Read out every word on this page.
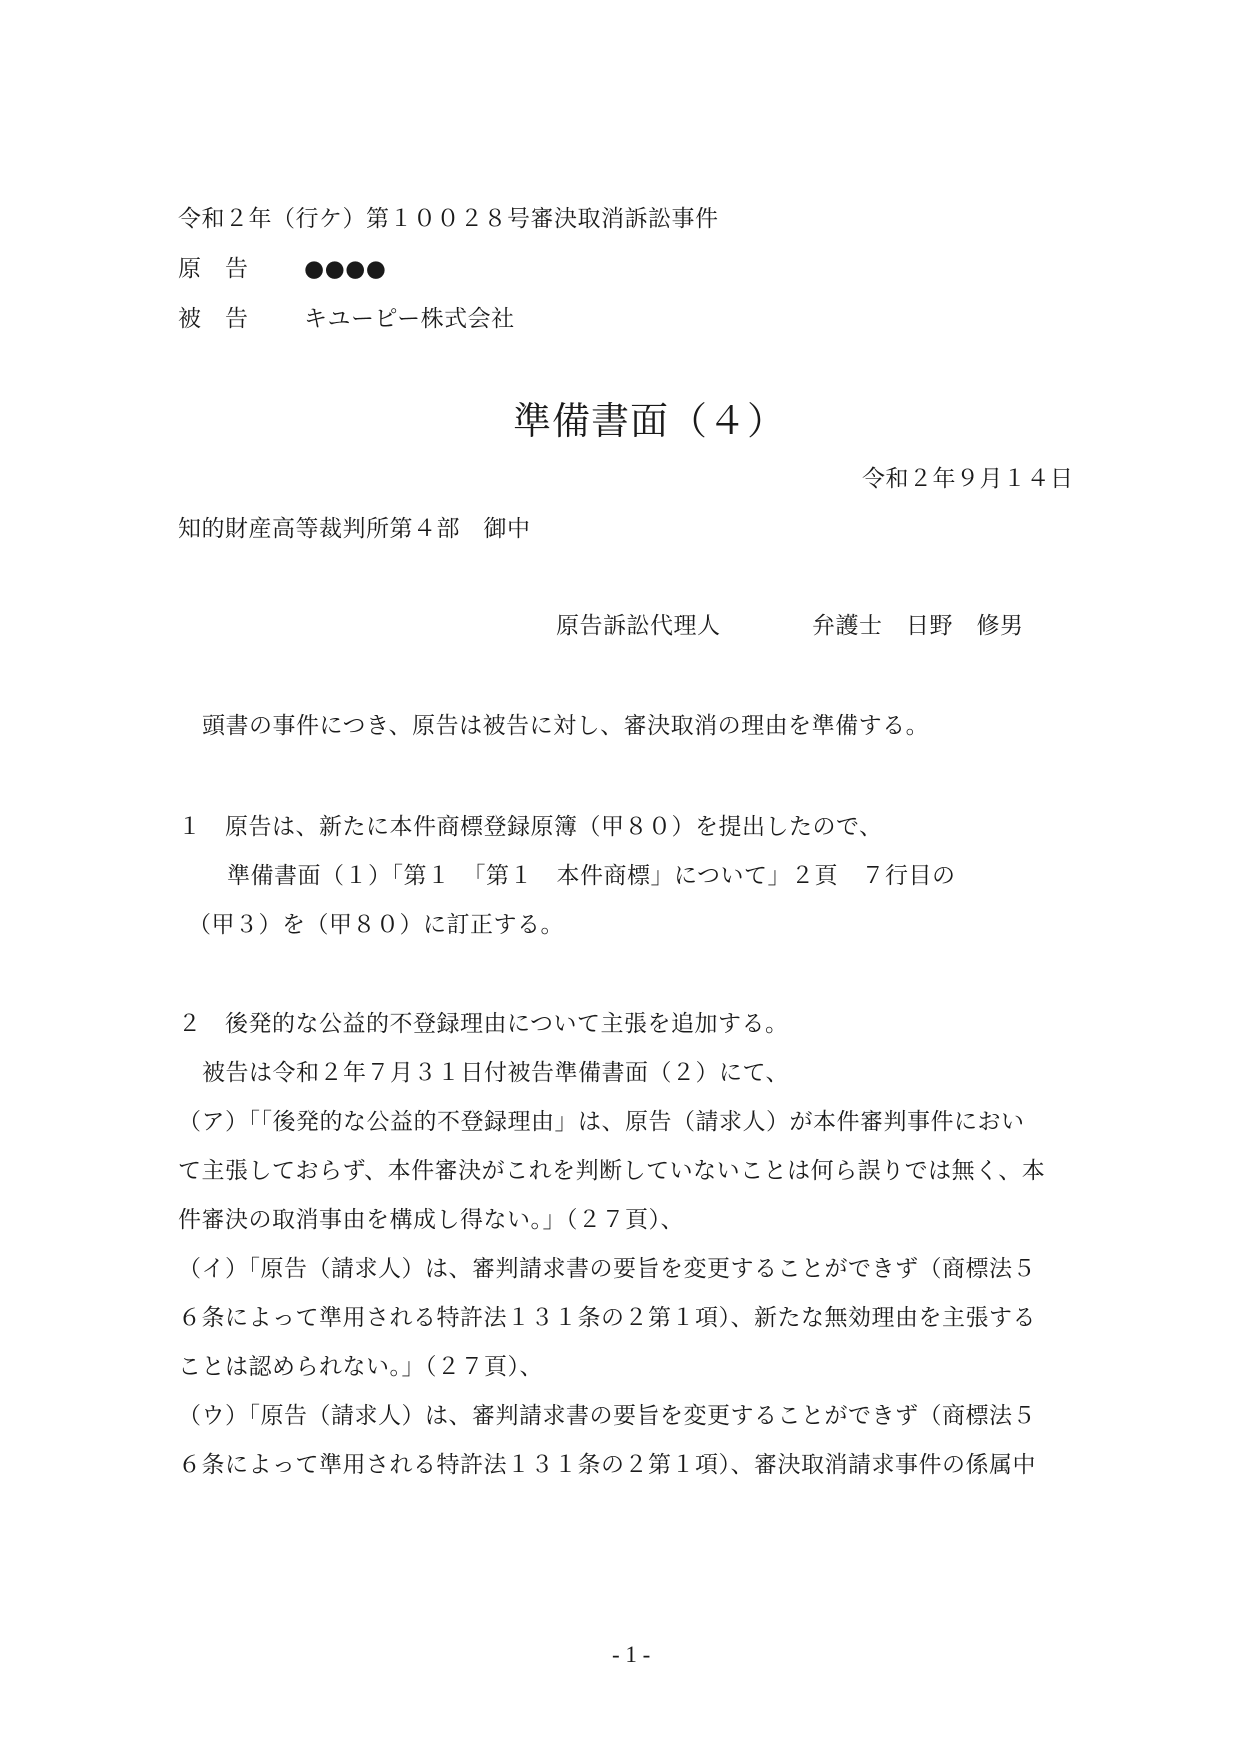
令和２年（行ケ）第１００２８号審決取消訴訟事件
原　告 ●●●●
被　告 キユーピー株式会社
準備書面（４）
令和２年９月１４日
知的財産高等裁判所第４部　御中
原告訴訟代理人	弁護士　日野　修男
頭書の事件につき、原告は被告に対し、審決取消の理由を準備する。
１　原告は、新たに本件商標登録原簿（甲８０）を提出したので、
準備書面（１）「第１　「第１　本件商標」について」２頁　７行目の
（甲３）を（甲８０）に訂正する。
２　後発的な公益的不登録理由について主張を追加する。
被告は令和２年７月３１日付被告準備書面（２）にて、
（ア）「「後発的な公益的不登録理由」は、原告（請求人）が本件審判事件におい
て主張しておらず、本件審決がこれを判断していないことは何ら誤りでは無く、本
件審決の取消事由を構成し得ない。」（２７頁）、
（イ）「原告（請求人）は、審判請求書の要旨を変更することができず（商標法５
６条によって準用される特許法１３１条の２第１項）、新たな無効理由を主張する
ことは認められない。」（２７頁）、
（ウ）「原告（請求人）は、審判請求書の要旨を変更することができず（商標法５
６条によって準用される特許法１３１条の２第１項）、審決取消請求事件の係属中
- 1 -
